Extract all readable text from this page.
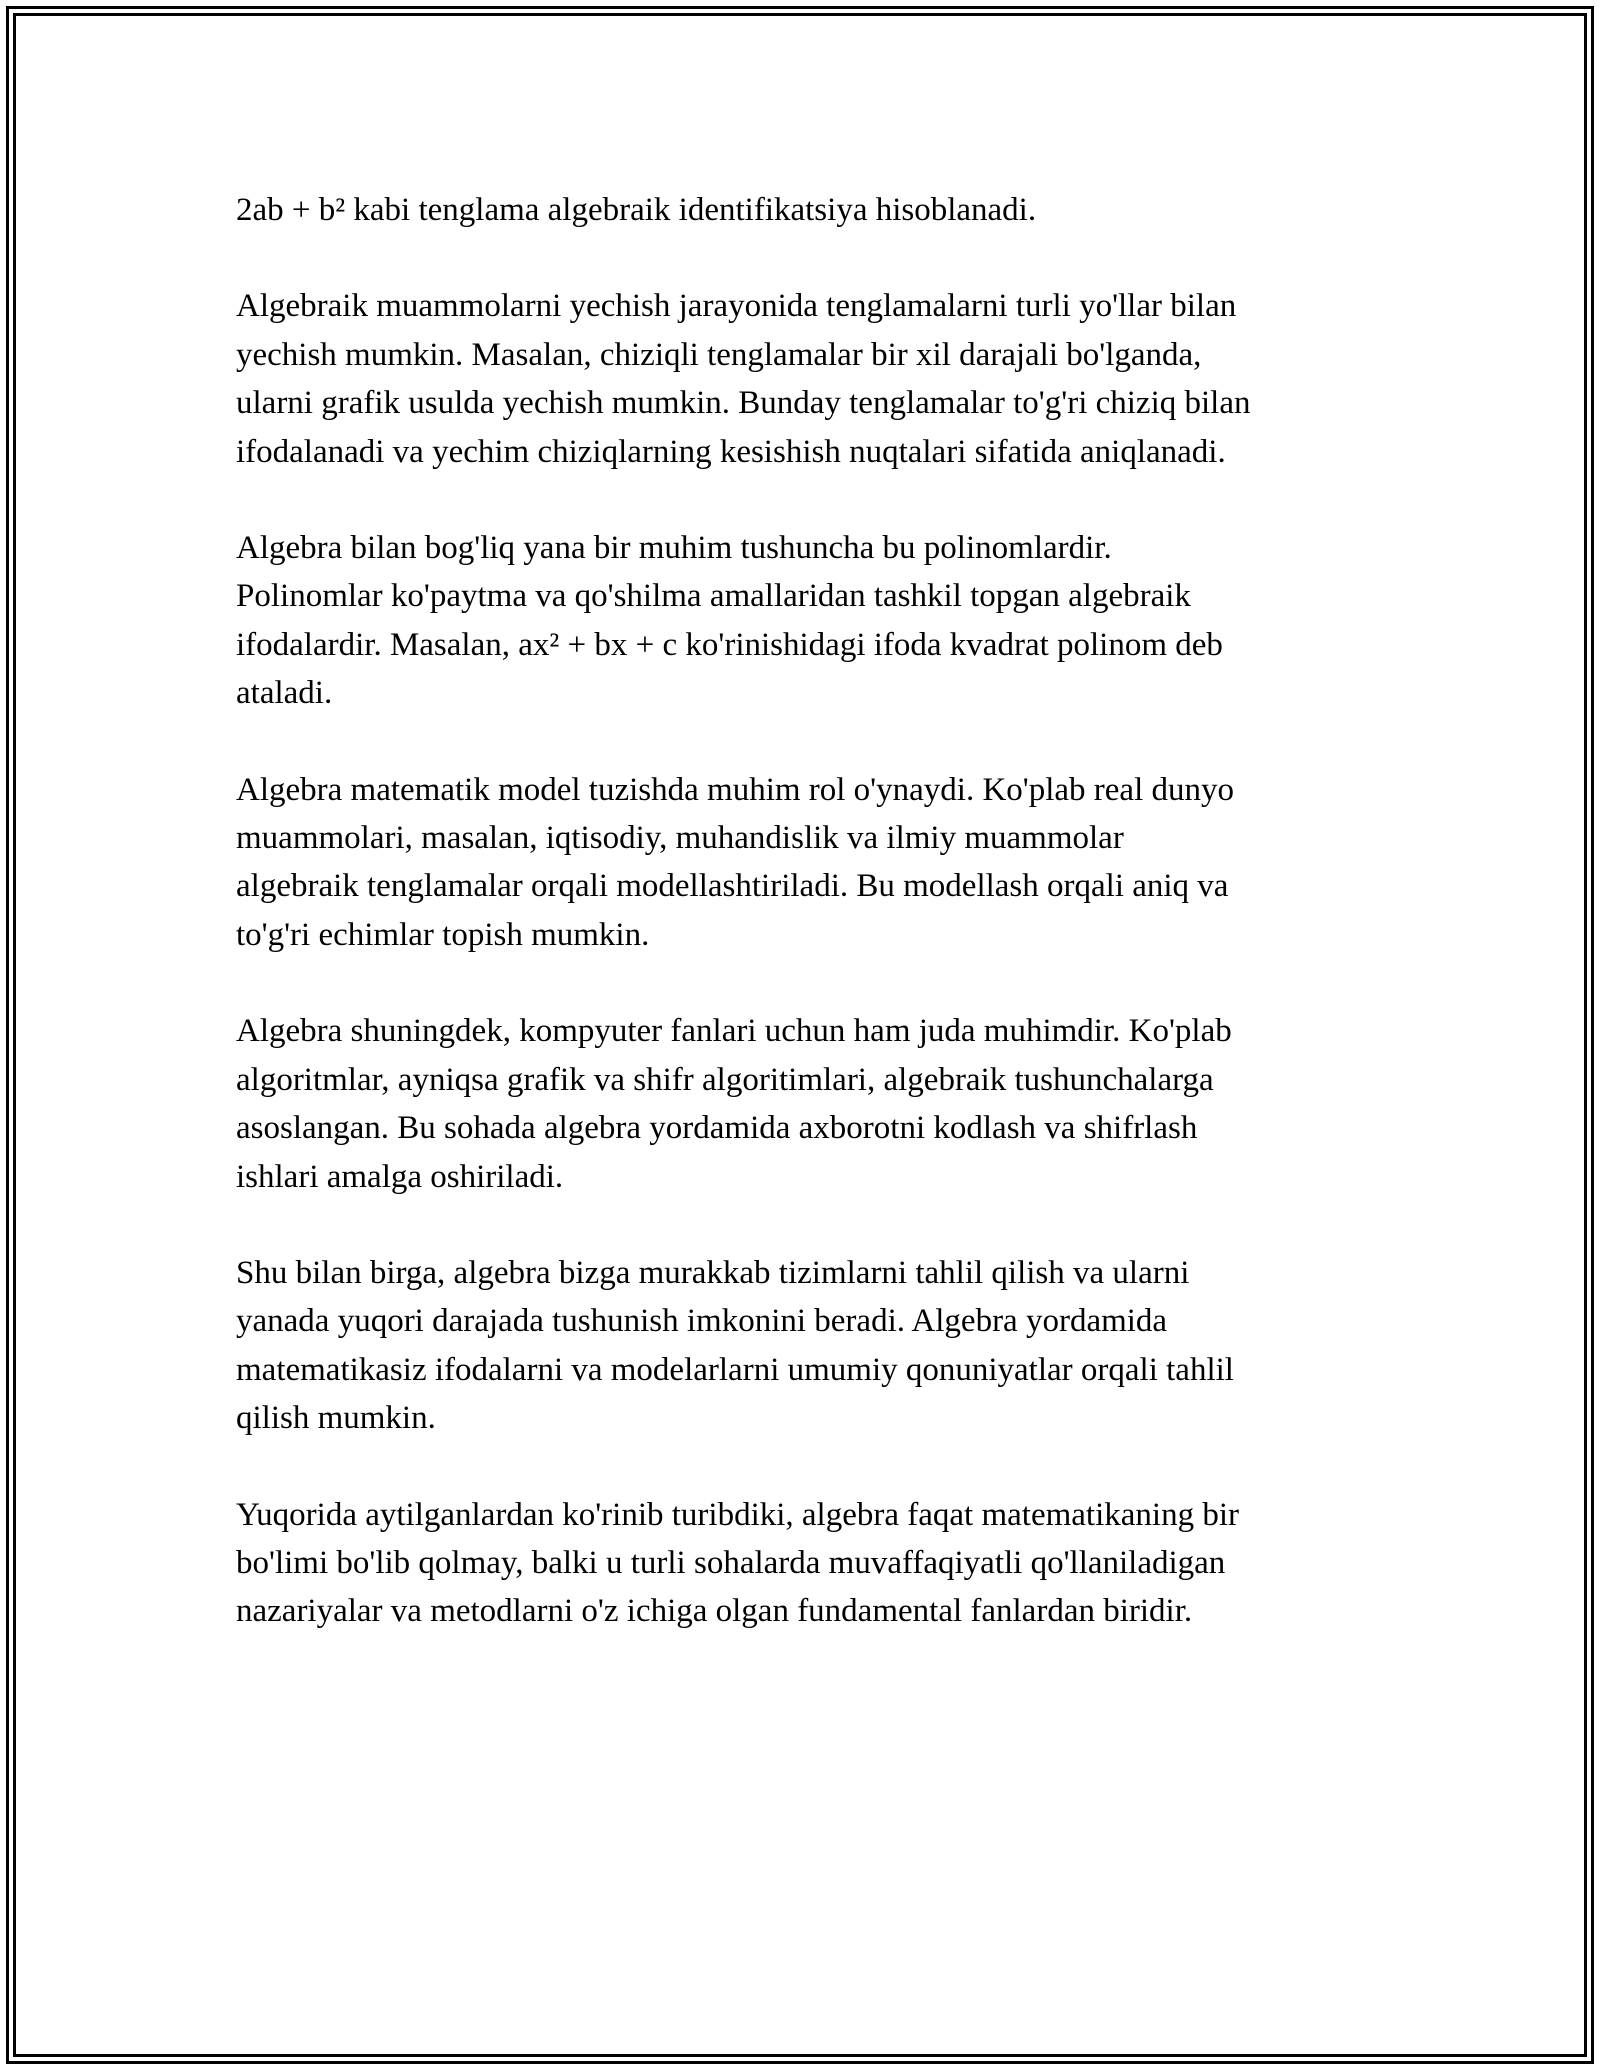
2ab + b² kabi tenglama algebraik identifikatsiya hisoblanadi.

Algebraik muammolarni yechish jarayonida tenglamalarni turli yo'llar bilan
yechish mumkin. Masalan, chiziqli tenglamalar bir xil darajali bo'lganda,
ularni grafik usulda yechish mumkin. Bunday tenglamalar to'g'ri chiziq bilan
ifodalanadi va yechim chiziqlarning kesishish nuqtalari sifatida aniqlanadi.

Algebra bilan bog'liq yana bir muhim tushuncha bu polinomlardir.
Polinomlar ko'paytma va qo'shilma amallaridan tashkil topgan algebraik
ifodalardir. Masalan, ax² + bx + c ko'rinishidagi ifoda kvadrat polinom deb
ataladi.

Algebra matematik model tuzishda muhim rol o'ynaydi. Ko'plab real dunyo
muammolari, masalan, iqtisodiy, muhandislik va ilmiy muammolar
algebraik tenglamalar orqali modellashtiriladi. Bu modellash orqali aniq va
to'g'ri echimlar topish mumkin.

Algebra shuningdek, kompyuter fanlari uchun ham juda muhimdir. Ko'plab
algoritmlar, ayniqsa grafik va shifr algoritimlari, algebraik tushunchalarga
asoslangan. Bu sohada algebra yordamida axborotni kodlash va shifrlash
ishlari amalga oshiriladi.

Shu bilan birga, algebra bizga murakkab tizimlarni tahlil qilish va ularni
yanada yuqori darajada tushunish imkonini beradi. Algebra yordamida
matematikasiz ifodalarni va modelarlarni umumiy qonuniyatlar orqali tahlil
qilish mumkin.

Yuqorida aytilganlardan ko'rinib turibdiki, algebra faqat matematikaning bir
bo'limi bo'lib qolmay, balki u turli sohalarda muvaffaqiyatli qo'llaniladigan
nazariyalar va metodlarni o'z ichiga olgan fundamental fanlardan biridir.
